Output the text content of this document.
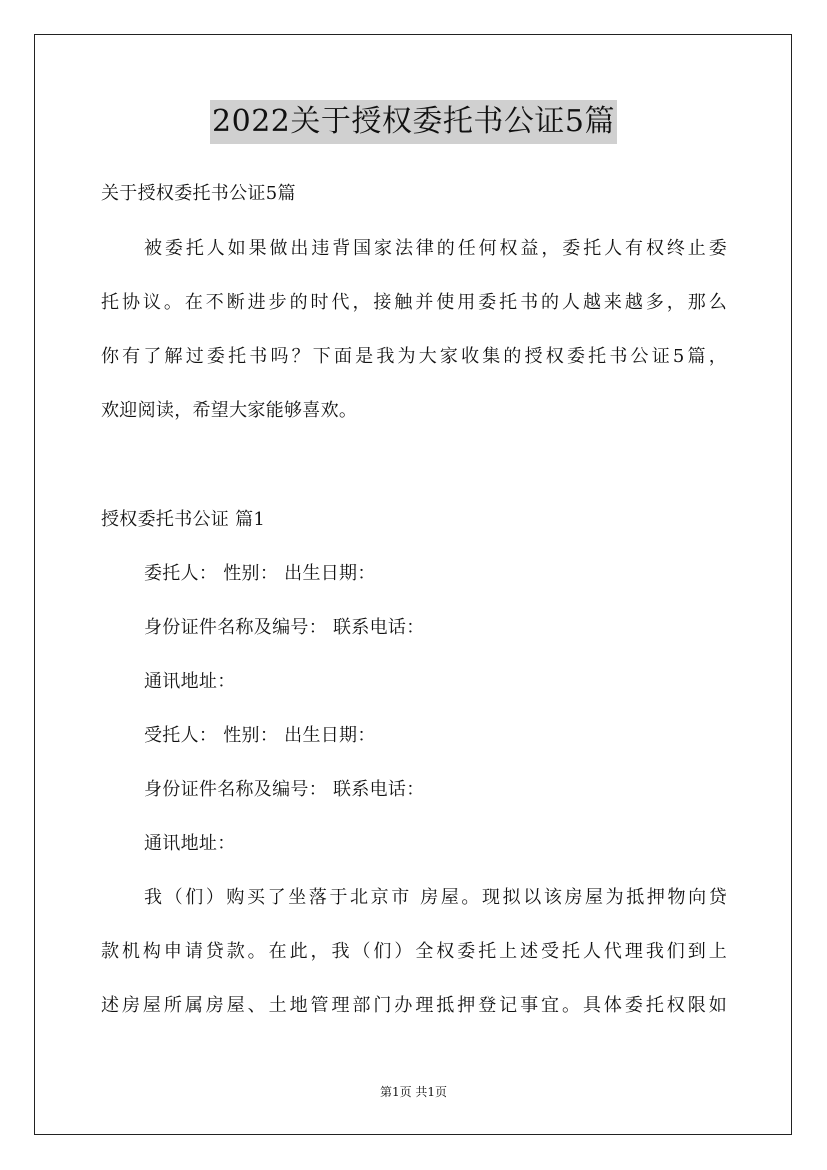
2022关于授权委托书公证5篇
关于授权委托书公证5篇
被委托人如果做出违背国家法律的任何权益，委托人有权终止委
托协议。在不断进步的时代，接触并使用委托书的人越来越多，那么
你有了解过委托书吗？下面是我为大家收集的授权委托书公证5篇，
欢迎阅读，希望大家能够喜欢。
授权委托书公证 篇1
委托人： 性别： 出生日期：
身份证件名称及编号： 联系电话：
通讯地址：
受托人： 性别： 出生日期：
身份证件名称及编号： 联系电话：
通讯地址：
我（们）购买了坐落于北京市 房屋。现拟以该房屋为抵押物向贷
款机构申请贷款。在此，我（们）全权委托上述受托人代理我们到上
述房屋所属房屋、土地管理部门办理抵押登记事宜。具体委托权限如
第1页 共1页
